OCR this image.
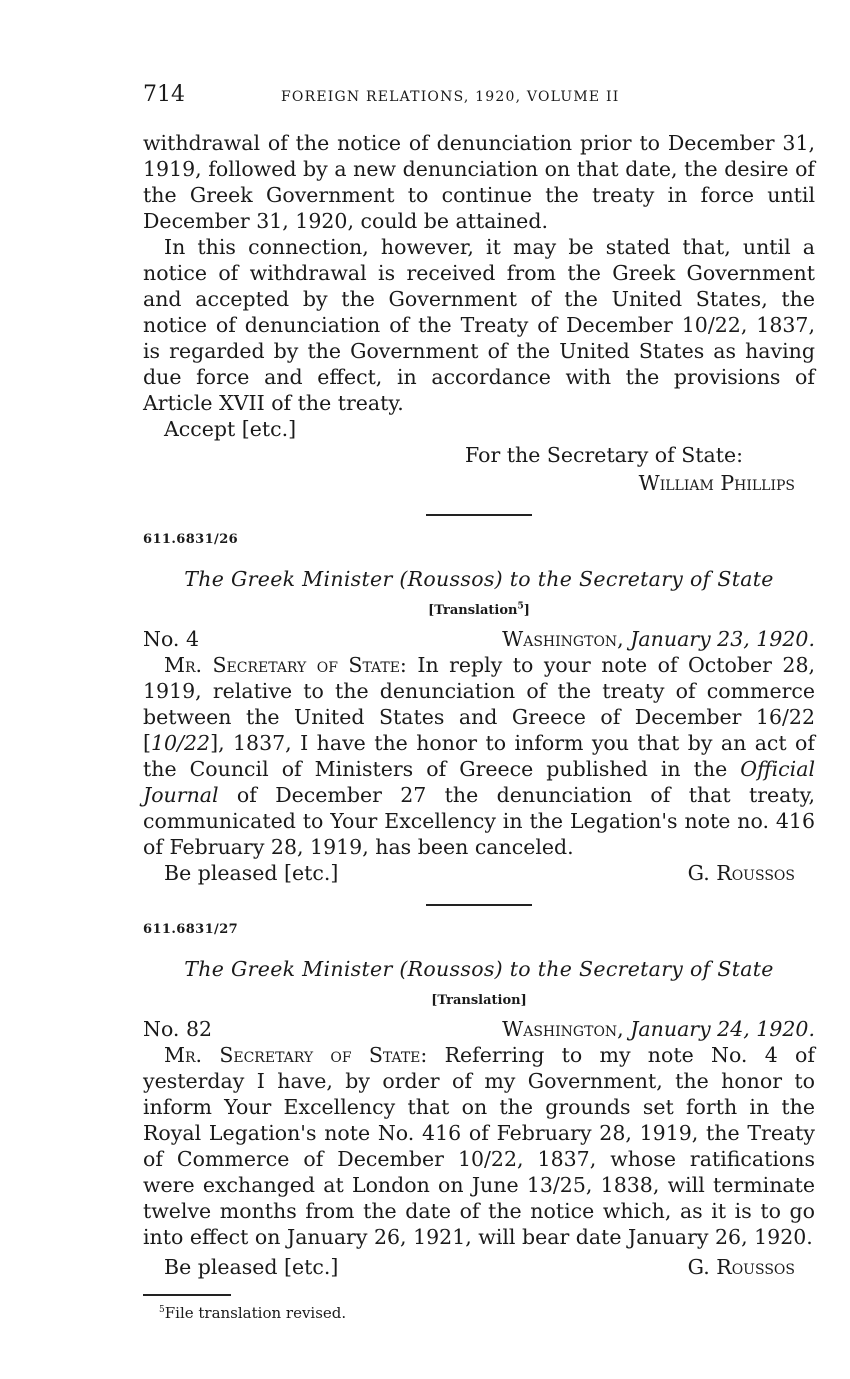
714	FOREIGN RELATIONS, 1920, VOLUME II

withdrawal of the notice of denunciation prior to December 31, 1919, followed by a new denunciation on that date, the desire of the Greek Government to continue the treaty in force until December 31, 1920, could be attained.

In this connection, however, it may be stated that, until a notice of withdrawal is received from the Greek Government and accepted by the Government of the United States, the notice of denunciation of the Treaty of December 10/22, 1837, is regarded by the Government of the United States as having due force and effect, in accordance with the provisions of Article XVII of the treaty.

Accept [etc.]

For the Secretary of State:
William Phillips
611.6831/26
The Greek Minister (Roussos) to the Secretary of State
[Translation$^5$]
No. 4	Washington, January 23, 1920.

Mr. Secretary of State: In reply to your note of October 28, 1919, relative to the denunciation of the treaty of commerce between the United States and Greece of December 16/22 [10/22], 1837, I have the honor to inform you that by an act of the Council of Ministers of Greece published in the Official Journal of December 27 the denunciation of that treaty, communicated to Your Excellency in the Legation's note no. 416 of February 28, 1919, has been canceled.

Be pleased [etc.]	G. Roussos
611.6831/27
The Greek Minister (Roussos) to the Secretary of State
[Translation]
No. 82	Washington, January 24, 1920.

Mr. Secretary of State: Referring to my note No. 4 of yesterday I have, by order of my Government, the honor to inform Your Excellency that on the grounds set forth in the Royal Legation's note No. 416 of February 28, 1919, the Treaty of Commerce of December 10/22, 1837, whose ratifications were exchanged at London on June 13/25, 1838, will terminate twelve months from the date of the notice which, as it is to go into effect on January 26, 1921, will bear date January 26, 1920.

Be pleased [etc.]	G. Roussos
$^5$File translation revised.
